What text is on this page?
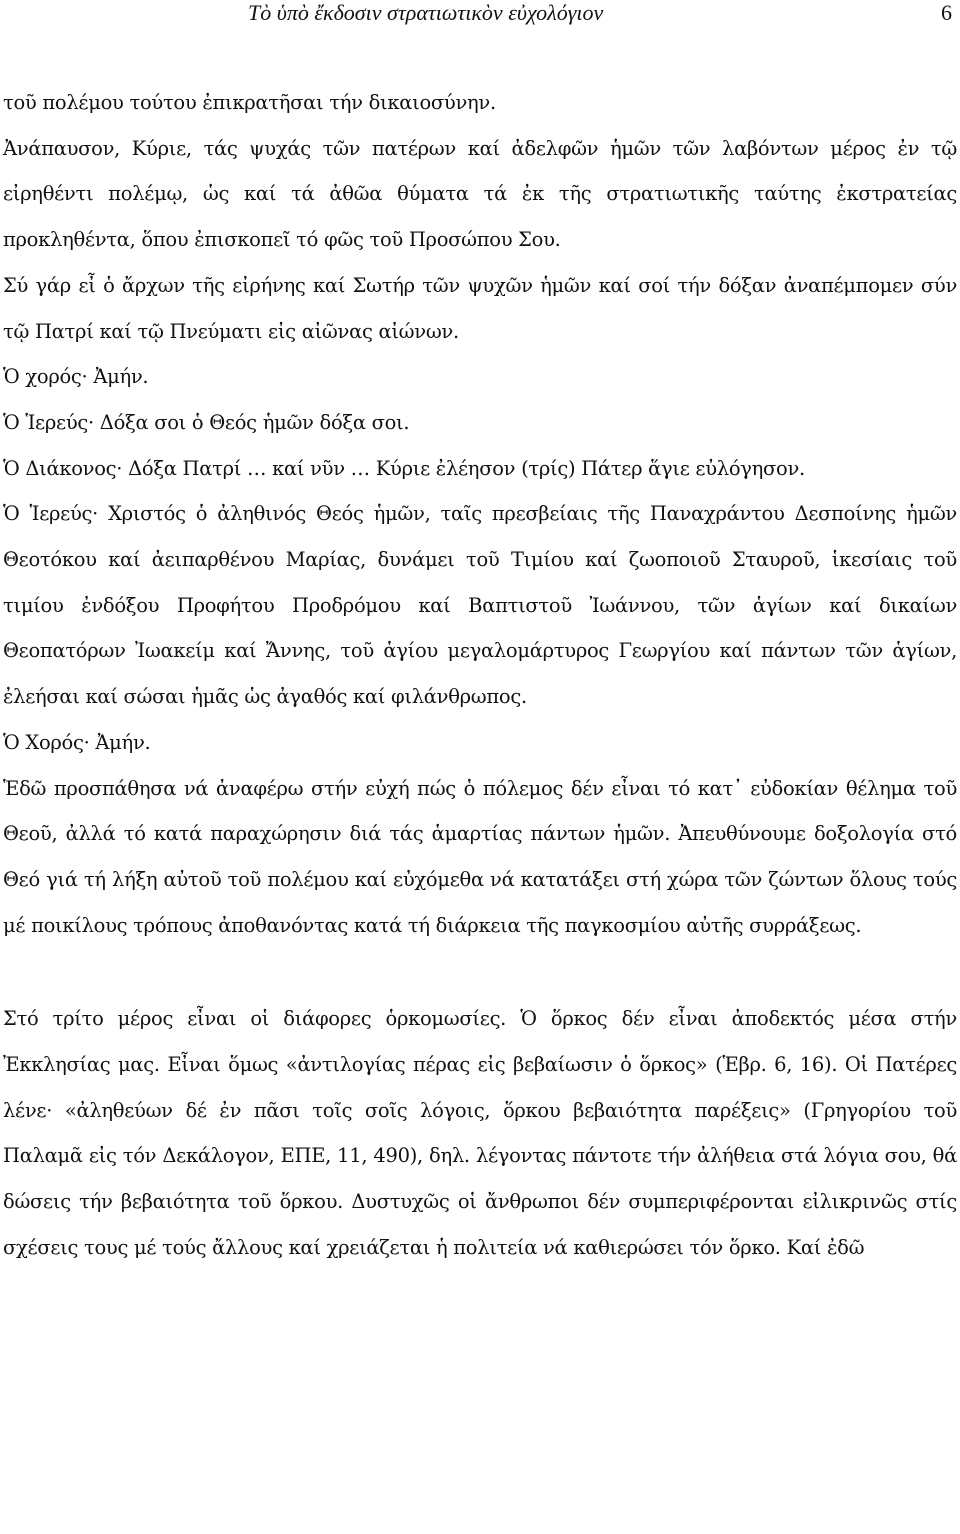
Τὸ ὑπὸ ἔκδοσιν στρατιωτικὸν εὐχολόγιον	6

τοῦ πολέμου τούτου ἐπικρατῆσαι τήν δικαιοσύνην.

Ἀνάπαυσον, Κύριε, τάς ψυχάς τῶν πατέρων καί ἀδελφῶν ἡμῶν τῶν λαβόντων μέρος ἐν τῷ εἰρηθέντι πολέμῳ, ὡς καί τά ἀθῶα θύματα τά ἐκ τῆς στρατιωτικῆς ταύτης ἐκστρατείας προκληθέντα, ὅπου ἐπισκοπεῖ τό φῶς τοῦ Προσώπου Σου.

Σύ γάρ εἶ ὁ ἄρχων τῆς εἰρήνης καί Σωτήρ τῶν ψυχῶν ἡμῶν καί σοί τήν δόξαν ἀναπέμπομεν σύν τῷ Πατρί καί τῷ Πνεύματι εἰς αἰῶνας αἰώνων.

Ὁ χορός· Ἀμήν.

Ὁ Ἱερεύς· Δόξα σοι ὁ Θεός ἡμῶν δόξα σοι.

Ὁ Διάκονος· Δόξα Πατρί … καί νῦν … Κύριε ἐλέησον (τρίς) Πάτερ ἅγιε εὐλόγησον.

Ὁ Ἱερεύς· Χριστός ὁ ἀληθινός Θεός ἡμῶν, ταῖς πρεσβείαις τῆς Παναχράντου Δεσποίνης ἡμῶν Θεοτόκου καί ἀειπαρθένου Μαρίας, δυνάμει τοῦ Τιμίου καί ζωοποιοῦ Σταυροῦ, ἱκεσίαις τοῦ τιμίου ἐνδόξου Προφήτου Προδρόμου καί Βαπτιστοῦ Ἰωάννου, τῶν ἁγίων καί δικαίων Θεοπατόρων Ἰωακείμ καί Ἄννης, τοῦ ἁγίου μεγαλομάρτυρος Γεωργίου καί πάντων τῶν ἁγίων, ἐλεήσαι καί σώσαι ἡμᾶς ὡς ἀγαθός καί φιλάνθρωπος.

Ὁ Χορός· Ἀμήν.

Ἑδῶ προσπάθησα νά ἀναφέρω στήν εὐχή πώς ὁ πόλεμος δέν εἶναι τό κατ᾽ εὐδοκίαν θέλημα τοῦ Θεοῦ, ἀλλά τό κατά παραχώρησιν διά τάς ἁμαρτίας πάντων ἡμῶν. Ἀπευθύνουμε δοξολογία στό Θεό γιά τή λήξη αὐτοῦ τοῦ πολέμου καί εὐχόμεθα νά κατατάξει στή χώρα τῶν ζώντων ὅλους τούς μέ ποικίλους τρόπους ἀποθανόντας κατά τή διάρκεια τῆς παγκοσμίου αὐτῆς συρράξεως.

Στό τρίτο μέρος εἶναι οἱ διάφορες ὁρκομωσίες. Ὁ ὅρκος δέν εἶναι ἀποδεκτός μέσα στήν Ἐκκλησίας μας. Εἶναι ὅμως «ἀντιλογίας πέρας εἰς βεβαίωσιν ὁ ὅρκος» (Ἑβρ. 6, 16). Οἱ Πατέρες λένε· «ἀληθεύων δέ ἐν πᾶσι τοῖς σοῖς λόγοις, ὅρκου βεβαιότητα παρέξεις» (Γρηγορίου τοῦ Παλαμᾶ εἰς τόν Δεκάλογον, ΕΠΕ, 11, 490), δηλ. λέγοντας πάντοτε τήν ἀλήθεια στά λόγια σου, θά δώσεις τήν βεβαιότητα τοῦ ὅρκου. Δυστυχῶς οἱ ἄνθρωποι δέν συμπεριφέρονται εἰλικρινῶς στίς σχέσεις τους μέ τούς ἄλλους καί χρειάζεται ἡ πολιτεία νά καθιερώσει τόν ὅρκο. Καί ἐδῶ
